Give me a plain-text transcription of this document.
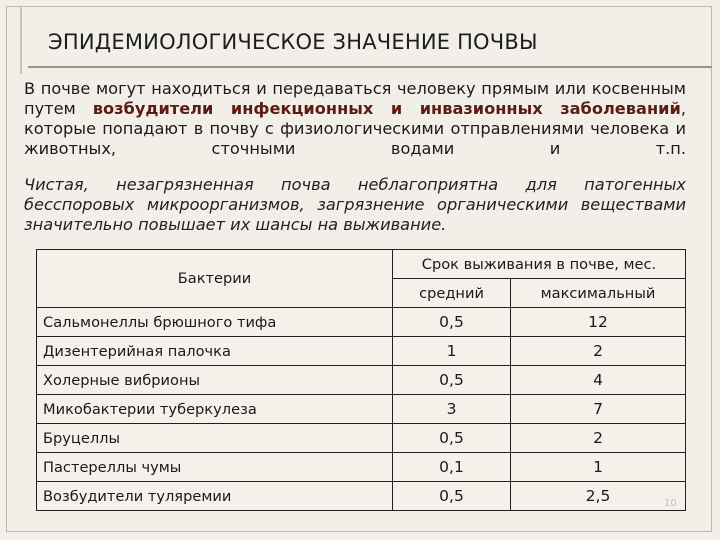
ЭПИДЕМИОЛОГИЧЕСКОЕ ЗНАЧЕНИЕ ПОЧВЫ

В почве могут находиться и передаваться человеку прямым или косвенным путем возбудители инфекционных и инвазионных заболеваний, которые попадают в почву с физиологическими отправлениями человека и животных, сточными водами и т.п.

Чистая, незагрязненная почва неблагоприятна для патогенных бесспоровых микроорганизмов, загрязнение органическими веществами значительно повышает их шансы на выживание.

Бактерии	Срок выживания в почве, мес.	
	средний	максимальный
Сальмонеллы брюшного тифа	0,5	12
Дизентерийная палочка	1	2
Холерные вибрионы	0,5	4
Микобактерии туберкулеза	3	7
Бруцеллы	0,5	2
Пастереллы чумы	0,1	1
Возбудители туляремии	0,5	2,5	10
